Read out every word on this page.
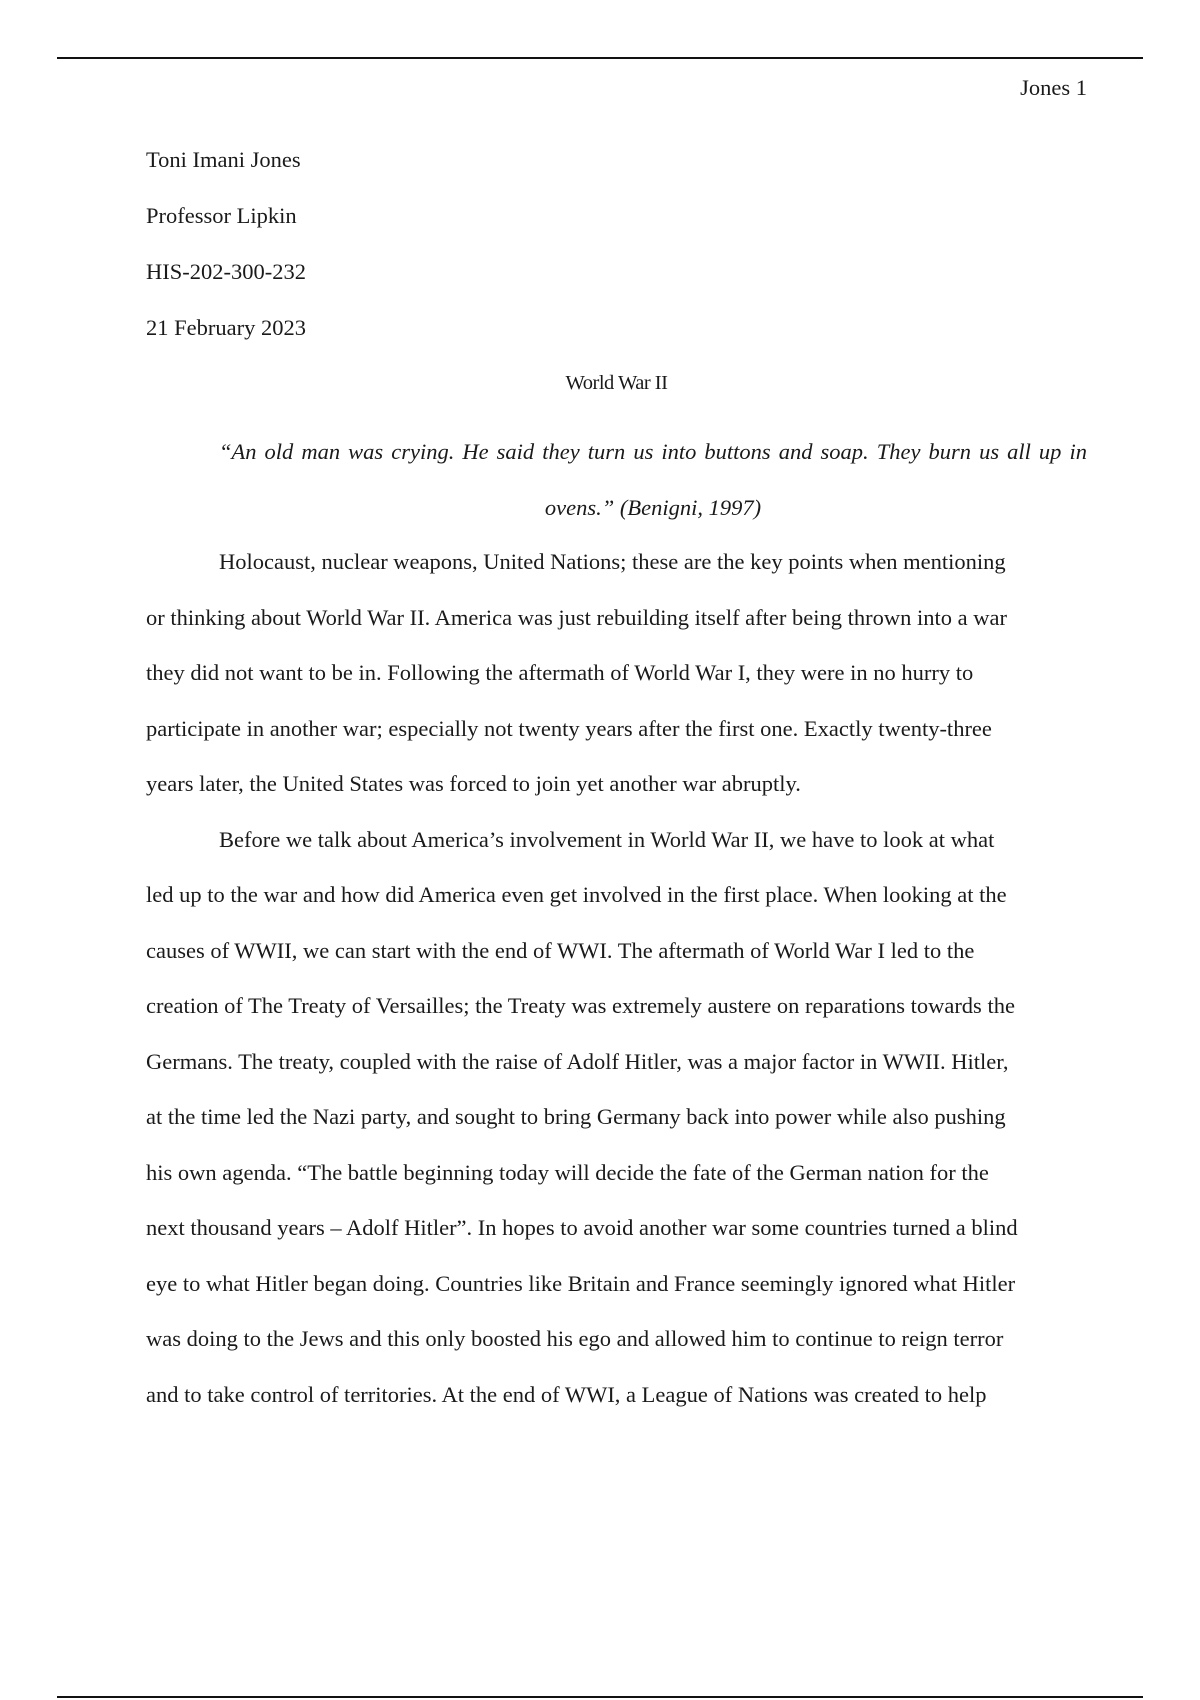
Jones 1
Toni Imani Jones
Professor Lipkin
HIS-202-300-232
21 February 2023
World War II
“An old man was crying. He said they turn us into buttons and soap. They burn us all up in ovens.” (Benigni, 1997)
Holocaust, nuclear weapons, United Nations; these are the key points when mentioning
or thinking about World War II. America was just rebuilding itself after being thrown into a war
they did not want to be in. Following the aftermath of World War I, they were in no hurry to
participate in another war; especially not twenty years after the first one. Exactly twenty-three
years later, the United States was forced to join yet another war abruptly.
Before we talk about America’s involvement in World War II, we have to look at what
led up to the war and how did America even get involved in the first place. When looking at the
causes of WWII, we can start with the end of WWI. The aftermath of World War I led to the
creation of The Treaty of Versailles; the Treaty was extremely austere on reparations towards the
Germans. The treaty, coupled with the raise of Adolf Hitler, was a major factor in WWII. Hitler,
at the time led the Nazi party, and sought to bring Germany back into power while also pushing
his own agenda. “The battle beginning today will decide the fate of the German nation for the
next thousand years – Adolf Hitler”. In hopes to avoid another war some countries turned a blind
eye to what Hitler began doing. Countries like Britain and France seemingly ignored what Hitler
was doing to the Jews and this only boosted his ego and allowed him to continue to reign terror
and to take control of territories. At the end of WWI, a League of Nations was created to help
